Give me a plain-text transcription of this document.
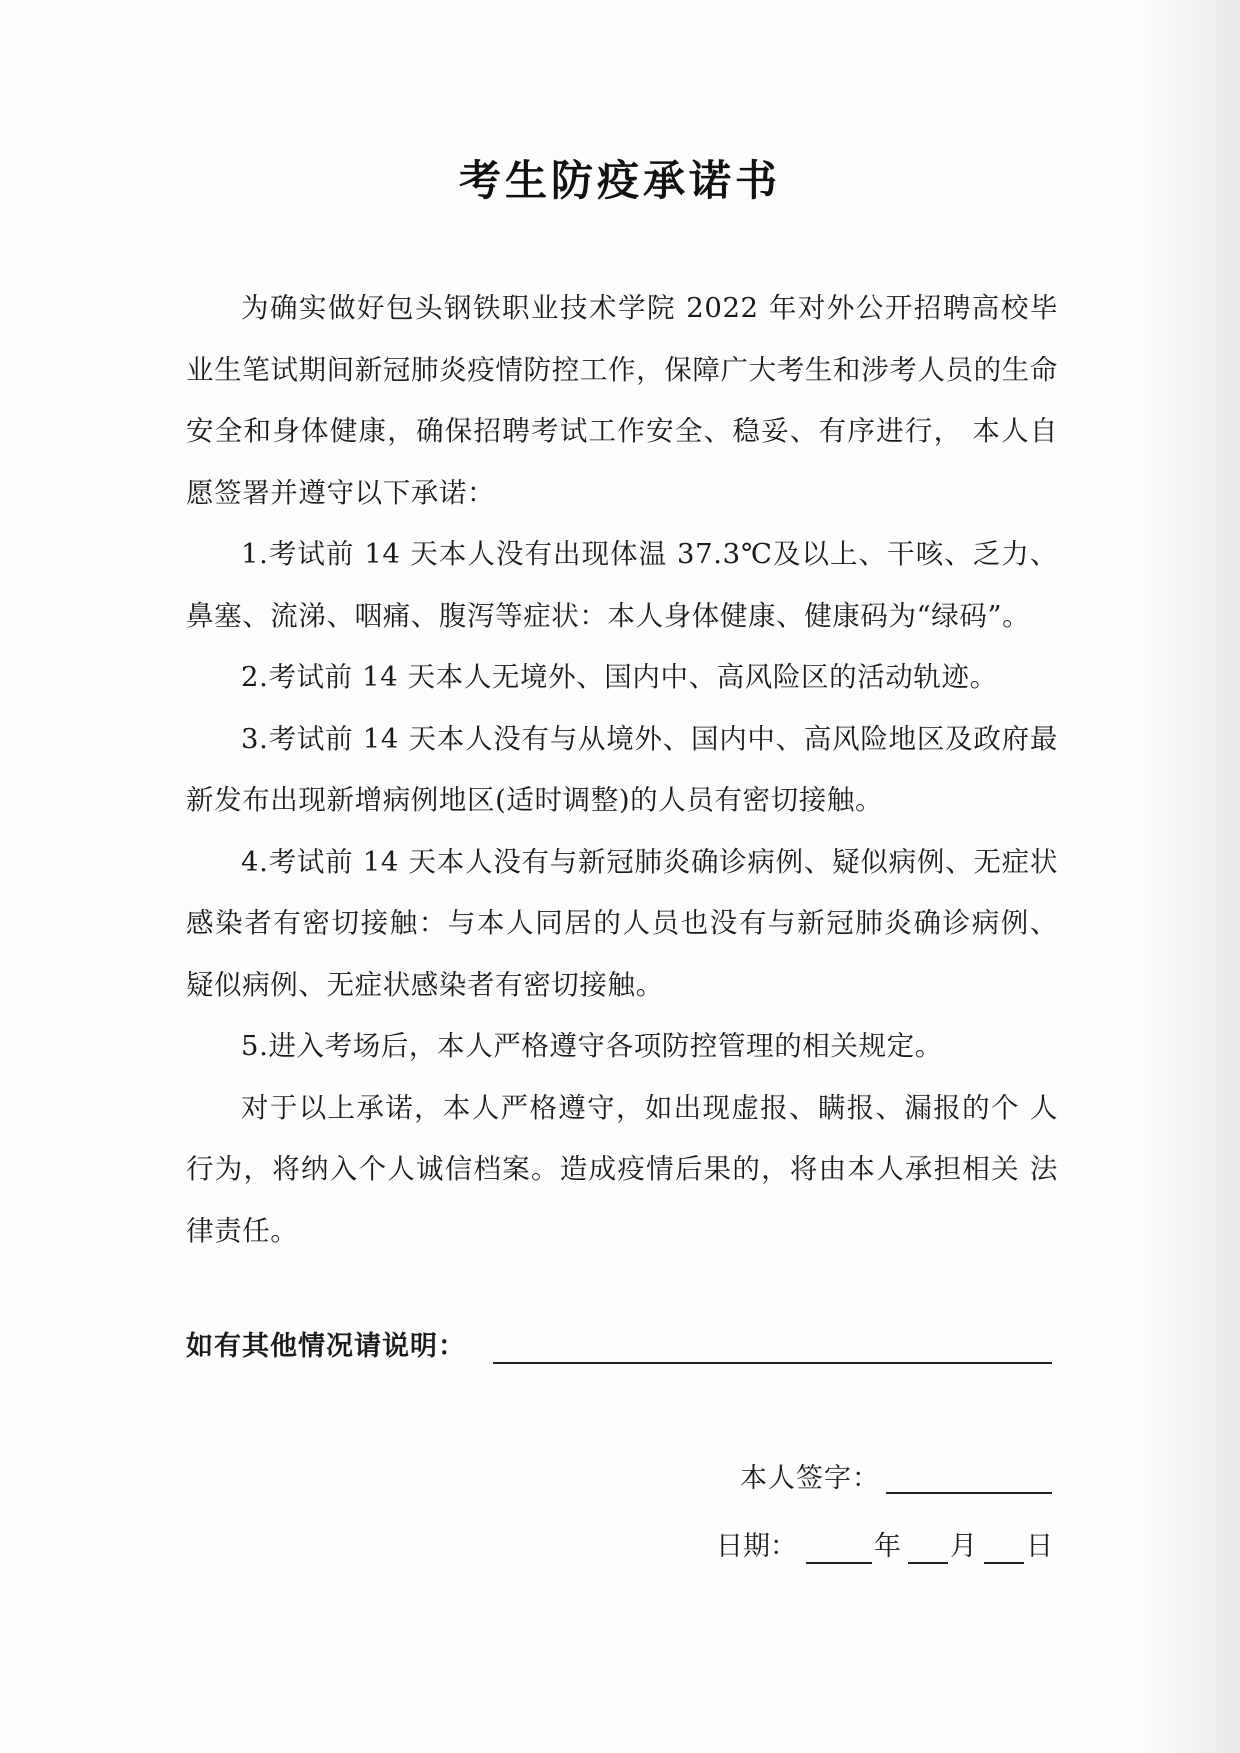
考生防疫承诺书

为确实做好包头钢铁职业技术学院 2022 年对外公开招聘高校毕业生笔试期间新冠肺炎疫情防控工作，保障广大考生和涉考人员的生命安全和身体健康，确保招聘考试工作安全、稳妥、有序进行， 本人自愿签署并遵守以下承诺：

1.考试前 14 天本人没有出现体温 37.3℃及以上、干咳、乏力、鼻塞、流涕、咽痛、腹泻等症状：本人身体健康、健康码为“绿码”。

2.考试前 14 天本人无境外、国内中、高风险区的活动轨迹。

3.考试前 14 天本人没有与从境外、国内中、高风险地区及政府最新发布出现新增病例地区(适时调整)的人员有密切接触。

4.考试前 14 天本人没有与新冠肺炎确诊病例、疑似病例、无症状感染者有密切接触：与本人同居的人员也没有与新冠肺炎确诊病例、 疑似病例、无症状感染者有密切接触。

5.进入考场后，本人严格遵守各项防控管理的相关规定。

对于以上承诺，本人严格遵守，如出现虚报、瞒报、漏报的个 人行为，将纳入个人诚信档案。造成疫情后果的，将由本人承担相关 法律责任。

如有其他情况请说明：
本人签字：
日期：	年 月 日
